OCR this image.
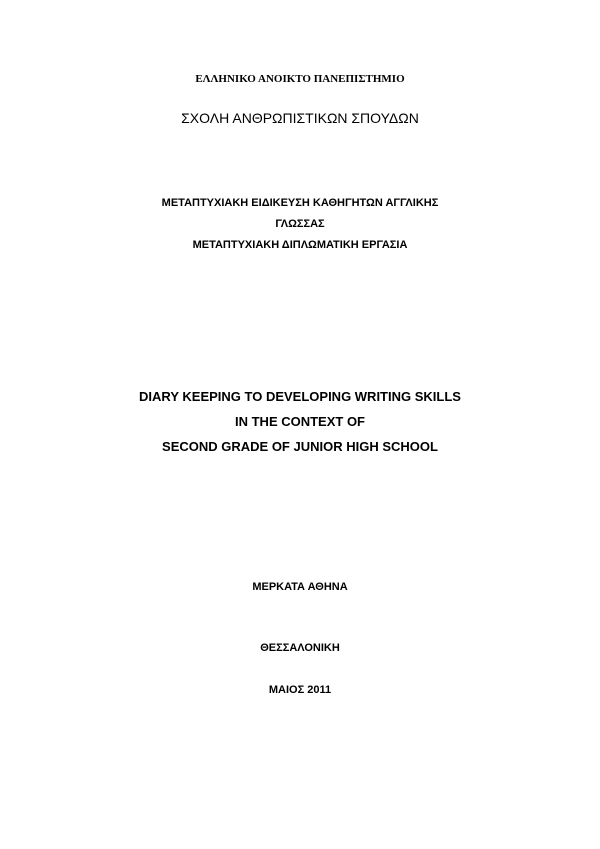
ΕΛΛΗΝΙΚΟ ΑΝΟΙΚΤΟ ΠΑΝΕΠΙΣΤΗΜΙΟ
ΣΧΟΛΗ ΑΝΘΡΩΠΙΣΤΙΚΩΝ ΣΠΟΥΔΩΝ
ΜΕΤΑΠΤΥΧΙΑΚΗ ΕΙΔΙΚΕΥΣΗ ΚΑΘΗΓΗΤΩΝ ΑΓΓΛΙΚΗΣ
ΓΛΩΣΣΑΣ
ΜΕΤΑΠΤΥΧΙΑΚΗ ΔΙΠΛΩΜΑΤΙΚΗ ΕΡΓΑΣΙΑ
DIARY KEEPING TO DEVELOPING WRITING SKILLS
IN THE CONTEXT OF
SECOND GRADE OF JUNIOR HIGH SCHOOL
ΜΕΡΚΑΤΑ ΑΘΗΝΑ
ΘΕΣΣΑΛΟΝΙΚΗ
ΜΑΙΟΣ 2011
